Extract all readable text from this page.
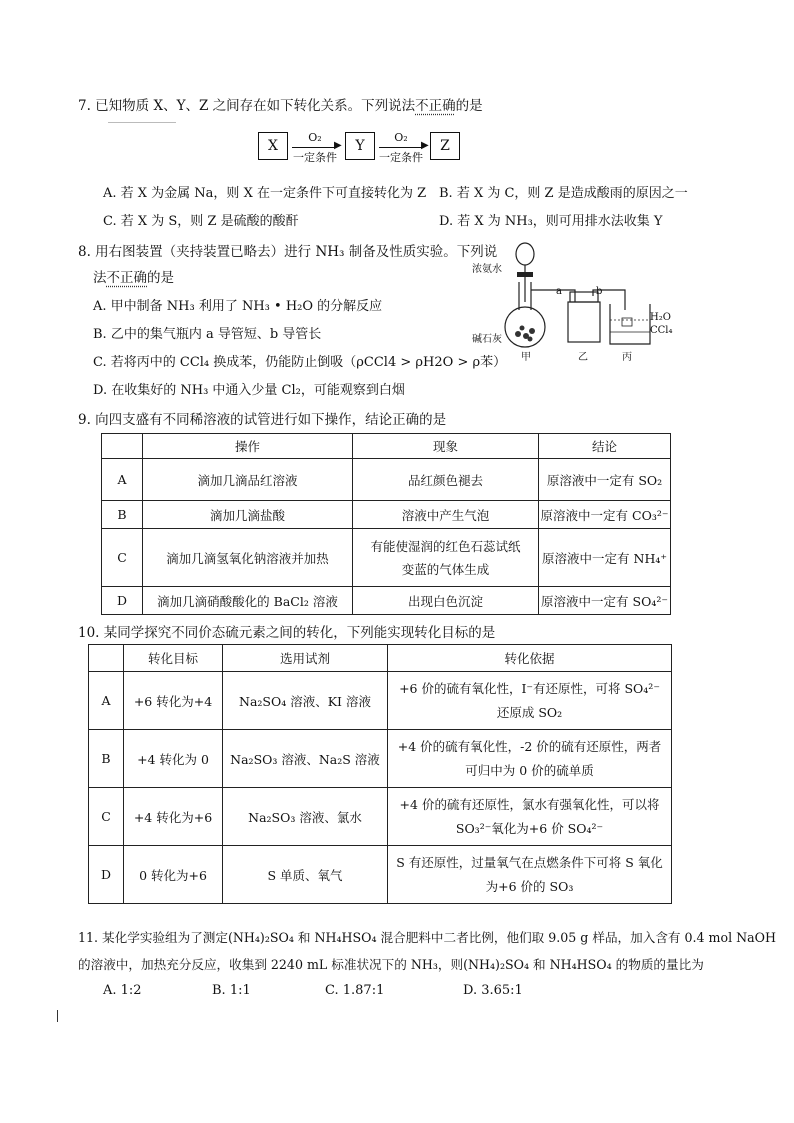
7. 已知物质 X、Y、Z 之间存在如下转化关系。下列说法不正确的是
X
O₂
▶
一定条件
Y
O₂
▶
一定条件
Z
A. 若 X 为金属 Na，则 X 在一定条件下可直接转化为 Z B. 若 X 为 C，则 Z 是造成酸雨的原因之一
C. 若 X 为 S，则 Z 是硫酸的酸酐	D. 若 X 为 NH₃，则可用排水法收集 Y
8. 用右图装置（夹持装置已略去）进行 NH₃ 制备及性质实验。下列说
法不正确的是
A. 甲中制备 NH₃ 利用了 NH₃ • H₂O 的分解反应
B. 乙中的集气瓶内 a 导管短、b 导管长
C. 若将丙中的 CCl₄ 换成苯，仍能防止倒吸（ρCCl4 > ρH2O > ρ苯）
D. 在收集好的 NH₃ 中通入少量 Cl₂，可能观察到白烟
浓氨水
碱石灰
a	b
H₂O
CCl₄
甲	乙	丙
9. 向四支盛有不同稀溶液的试管进行如下操作，结论正确的是
	操作	现象	结论
A	滴加几滴品红溶液	品红颜色褪去	原溶液中一定有 SO₂
B	滴加几滴盐酸	溶液中产生气泡	原溶液中一定有 CO₃²⁻
C	滴加几滴氢氧化钠溶液并加热	有能使湿润的红色石蕊试纸变蓝的气体生成	原溶液中一定有 NH₄⁺
D	滴加几滴硝酸酸化的 BaCl₂ 溶液	出现白色沉淀	原溶液中一定有 SO₄²⁻
10. 某同学探究不同价态硫元素之间的转化，下列能实现转化目标的是
	转化目标	选用试剂	转化依据
A	+6 转化为+4	Na₂SO₄ 溶液、KI 溶液	+6 价的硫有氧化性，I⁻有还原性，可将 SO₄²⁻还原成 SO₂
B	+4 转化为 0	Na₂SO₃ 溶液、Na₂S 溶液	+4 价的硫有氧化性，-2 价的硫有还原性，两者可归中为 0 价的硫单质
C	+4 转化为+6	Na₂SO₃ 溶液、氯水	+4 价的硫有还原性，氯水有强氧化性，可以将 SO₃²⁻氧化为+6 价 SO₄²⁻
D	0 转化为+6	S 单质、氧气	S 有还原性，过量氧气在点燃条件下可将 S 氧化为+6 价的 SO₃
11. 某化学实验组为了测定(NH₄)₂SO₄ 和 NH₄HSO₄ 混合肥料中二者比例，他们取 9.05 g 样品，加入含有 0.4 mol NaOH
的溶液中，加热充分反应，收集到 2240 mL 标准状况下的 NH₃，则(NH₄)₂SO₄ 和 NH₄HSO₄ 的物质的量比为
A. 1:2	B. 1:1	C. 1.87:1	D. 3.65:1
